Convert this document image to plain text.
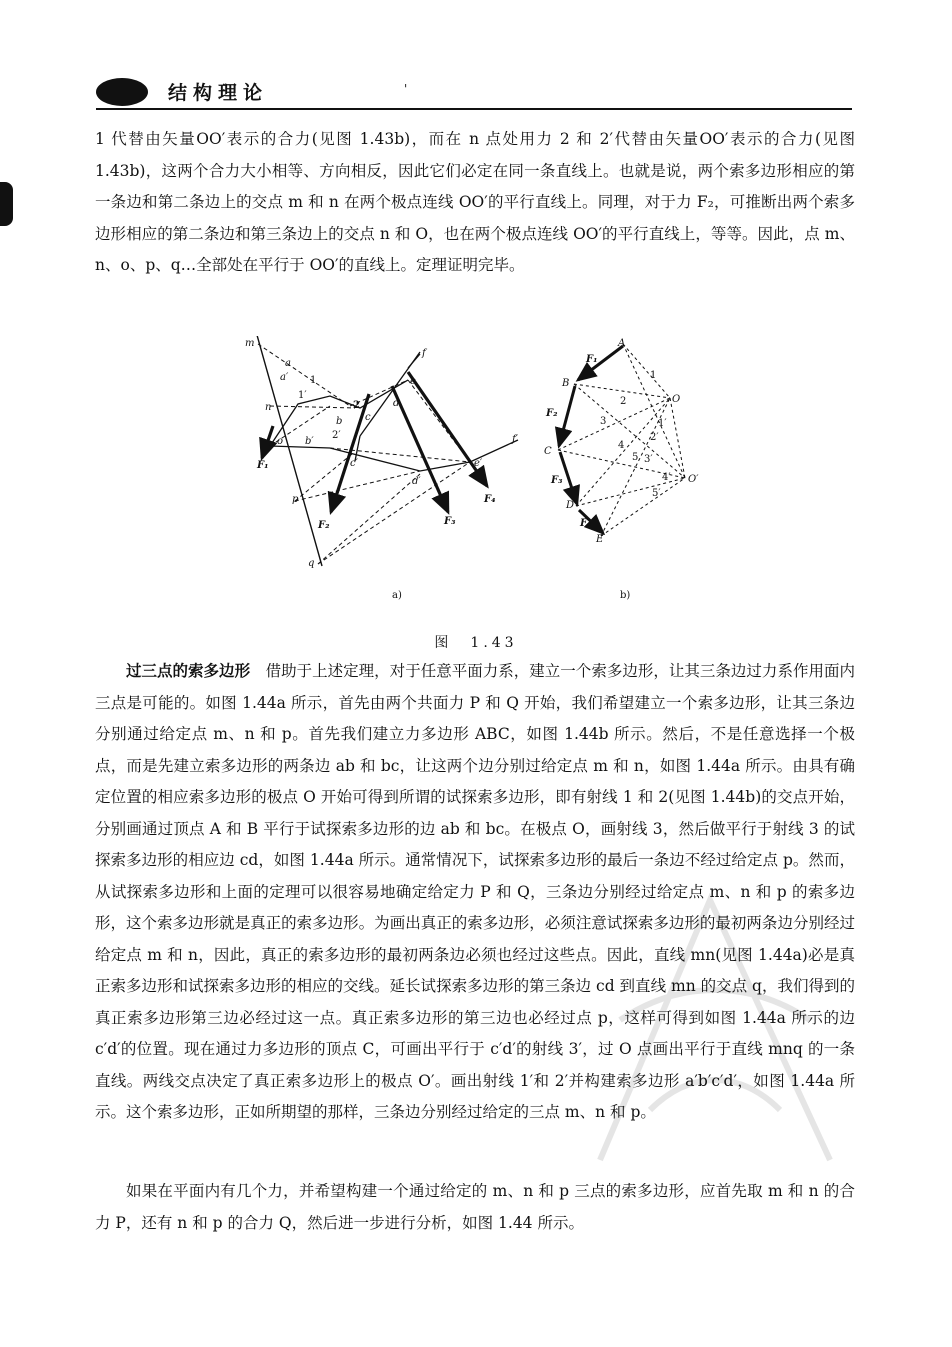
结构理论	'

1 代替由矢量OO′表示的合力(见图 1.43b)，而在 n 点处用力 2 和 2′代替由矢量OO′表示的合力(见图 1.43b)，这两个合力大小相等、方向相反，因此它们必定在同一条直线上。也就是说，两个索多边形相应的第一条边和第二条边上的交点 m 和 n 在两个极点连线 OO′的平行直线上。同理，对于力 F₂，可推断出两个索多边形相应的第二条边和第三条边上的交点 n 和 O，也在两个极点连线 OO′的平行直线上，等等。因此，点 m、n、o、p、q…全部处在平行于 OO′的直线上。定理证明完毕。

m
a
a′ 1
1′
n	2
b
2′
b′
c
c′
d
d′
e
e′
f
f′
o
p
q
F₁
F₂	F₃
F₄
a)
A
B
C
D
E
O
O′
F₁
F₂
F₃
F₄
1
2
3
4
5
1′
2′
3′
4′
5′
b)
图　1.43

过三点的索多边形　借助于上述定理，对于任意平面力系，建立一个索多边形，让其三条边过力系作用面内三点是可能的。如图 1.44a 所示，首先由两个共面力 P 和 Q 开始，我们希望建立一个索多边形，让其三条边分别通过给定点 m、n 和 p。首先我们建立力多边形 ABC，如图 1.44b 所示。然后，不是任意选择一个极点，而是先建立索多边形的两条边 ab 和 bc，让这两个边分别过给定点 m 和 n，如图 1.44a 所示。由具有确定位置的相应索多边形的极点 O 开始可得到所谓的试探索多边形，即有射线 1 和 2(见图 1.44b)的交点开始，分别画通过顶点 A 和 B 平行于试探索多边形的边 ab 和 bc。在极点 O，画射线 3，然后做平行于射线 3 的试探索多边形的相应边 cd，如图 1.44a 所示。通常情况下，试探索多边形的最后一条边不经过给定点 p。然而，从试探索多边形和上面的定理可以很容易地确定给定力 P 和 Q，三条边分别经过给定点 m、n 和 p 的索多边形，这个索多边形就是真正的索多边形。为画出真正的索多边形，必须注意试探索多边形的最初两条边分别经过给定点 m 和 n，因此，真正的索多边形的最初两条边必须也经过这些点。因此，直线 mn(见图 1.44a)必是真正索多边形和试探索多边形的相应的交线。延长试探索多边形的第三条边 cd 到直线 mn 的交点 q，我们得到的真正索多边形第三边必经过这一点。真正索多边形的第三边也必经过点 p，这样可得到如图 1.44a 所示的边 c′d′的位置。现在通过力多边形的顶点 C，可画出平行于 c′d′的射线 3′，过 O 点画出平行于直线 mnq 的一条直线。两线交点决定了真正索多边形上的极点 O′。画出射线 1′和 2′并构建索多边形 a′b′c′d′，如图 1.44a 所示。这个索多边形，正如所期望的那样，三条边分别经过给定的三点 m、n 和 p。

如果在平面内有几个力，并希望构建一个通过给定的 m、n 和 p 三点的索多边形，应首先取 m 和 n 的合力 P，还有 n 和 p 的合力 Q，然后进一步进行分析，如图 1.44 所示。
